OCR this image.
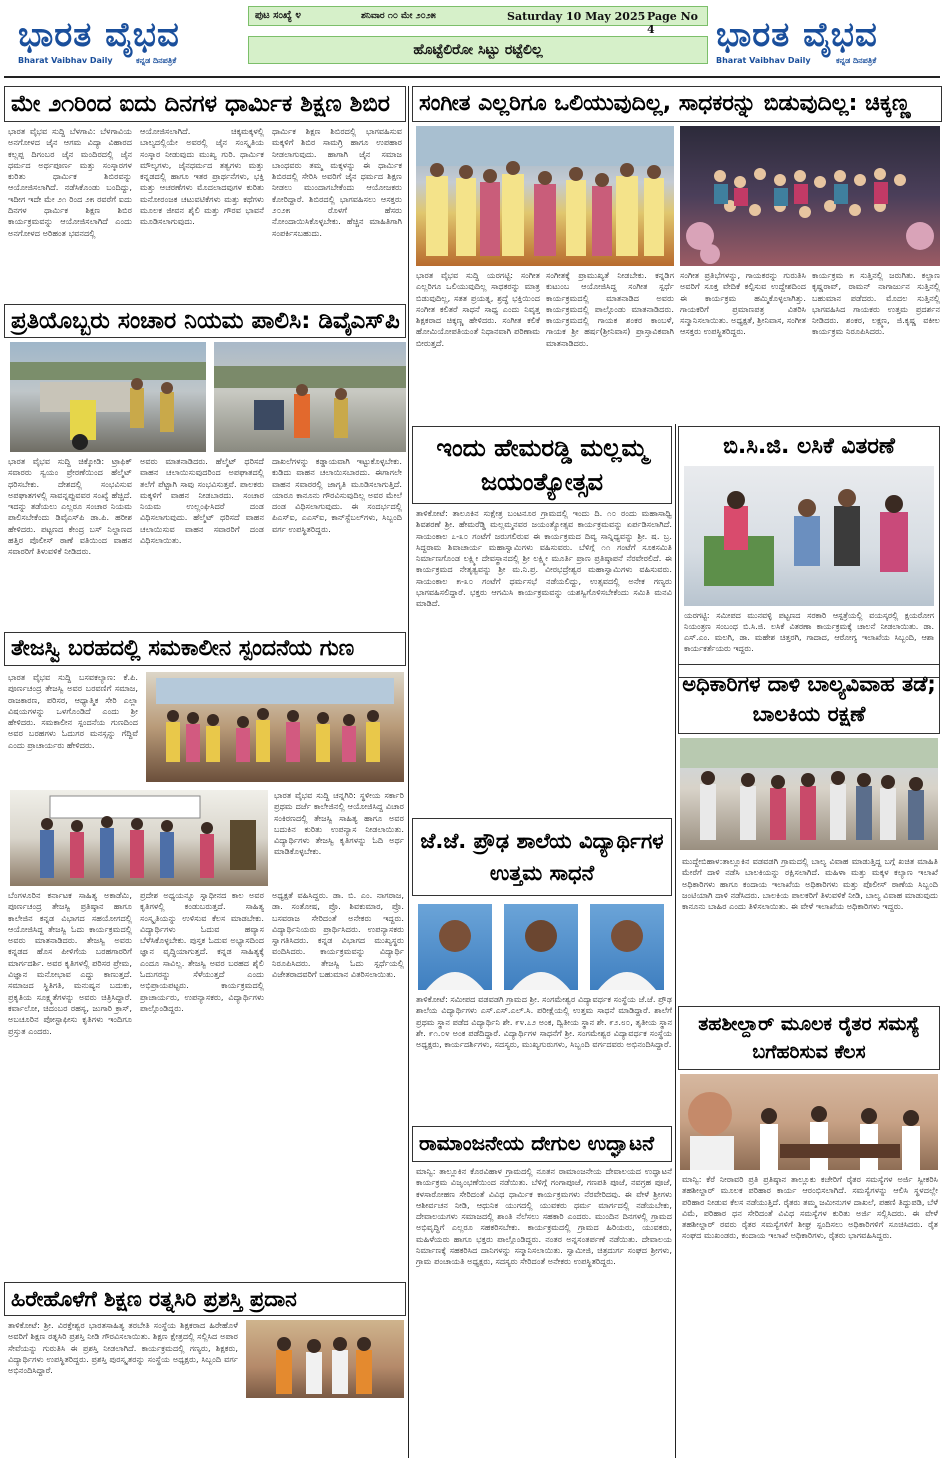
ಭಾರತ ವೈಭವ
Bharat Vaibhav Daily	ಕನ್ನಡ ದಿನಪತ್ರಿಕೆ
ಪುಟ ಸಂಖ್ಯೆ ೪	ಶನಿವಾರ ೧೦ ಮೇ ೨೦೨೫	Saturday 10 May 2025 Page No 4
ಹೊಟ್ಟೆಲಿರೋ ಸಿಟ್ಟು ರಟ್ಟೆಲಿಲ್ಲ	ಭಾರತ ವೈಭವ
Bharat Vaibhav Daily	ಕನ್ನಡ ದಿನಪತ್ರಿಕೆ
ಮೇ ೨೧ರಿಂದ ಐದು ದಿನಗಳ ಧಾರ್ಮಿಕ ಶಿಕ್ಷಣ ಶಿಬಿರ
ಭಾರತ ವೈಭವ ಸುದ್ದಿ ಬೆಳಗಾವಿ: ಬೆಳಗಾವಿಯ ಅನಗೋಳದ ಜೈನ ಆಗಮ ವಿದ್ಯಾ ವಿಹಾರದ ಕಲ್ಲಪ್ಪ ದಿಗಂಬರ ಜೈನ ಮಂದಿರದಲ್ಲಿ ಜೈನ ಧರ್ಮದ ಅರ್ಥಪೂರ್ಣ ಮತ್ತು ಸಂಸ್ಕಾರಗಳ ಕುರಿತು ಧಾರ್ಮಿಕ ಶಿಬಿರವನ್ನು ಆಯೋಜಿಸಲಾಗಿದೆ. ನಡೆಸಿಕೊಂಡು ಬಂದಿದ್ದು, ಇದೀಗ ಇದೇ ಮೇ ೨೧ ರಿಂದ ೨೫ ರವರೆಗೆ ಐದು ದಿನಗಳ ಧಾರ್ಮಿಕ ಶಿಕ್ಷಣ ಶಿಬಿರ ಕಾರ್ಯಕ್ರಮವನ್ನು ಆಯೋಜಿಸಲಾಗಿದೆ ಎಂದು ಅನಗೋಳದ ಅರಿಹಂತ ಭವನದಲ್ಲಿ
ಆಯೋಜಿಸಲಾಗಿದೆ. ಚಿಕ್ಕಮಕ್ಕಳಲ್ಲಿ ಬಾಲ್ಯದಲ್ಲಿಯೇ ಅವರಲ್ಲಿ ಜೈನ ಸಂಸ್ಕೃತಿಯ ಸಂಸ್ಕಾರ ನೀಡುವುದು ಮುಖ್ಯ ಗುರಿ. ಧಾರ್ಮಿಕ ಮೌಲ್ಯಗಳು, ಜೈನಧರ್ಮದ ತತ್ವಗಳು ಮತ್ತು ಕನ್ನಡದಲ್ಲಿ ಹಾಗೂ ಇತರ ಪ್ರಾರ್ಥನೆಗಳು, ಭಕ್ತಿ ಮತ್ತು ಆಚರಣೆಗಳು ಮೊದಲಾದವುಗಳ ಕುರಿತು ಮನೋರಂಜಕ ಚಟುವಟಿಕೆಗಳು ಮತ್ತು ಕಥೆಗಳು ಮೂಲಕ ಜೀವನ ಶೈಲಿ ಮತ್ತು ಗೌರವ ಭಾವನೆ ಮೂಡಿಸಲಾಗುವುದು.
ಧಾರ್ಮಿಕ ಶಿಕ್ಷಣ ಶಿಬಿರದಲ್ಲಿ ಭಾಗವಹಿಸುವ ಮಕ್ಕಳಿಗೆ ಶಿಬಿರ ಸಾಮಗ್ರಿ ಹಾಗೂ ಉಪಹಾರ ನೀಡಲಾಗುವುದು. ಹಾಗಾಗಿ ಜೈನ ಸಮಾಜ ಬಾಂಧವರು ತಮ್ಮ ಮಕ್ಕಳನ್ನು ಈ ಧಾರ್ಮಿಕ ಶಿಬಿರದಲ್ಲಿ ಸೇರಿಸಿ ಅವರಿಗೆ ಜೈನ ಧರ್ಮದ ಶಿಕ್ಷಣ ನೀಡಲು ಮುಂದಾಗಬೇಕೆಂದು ಆಯೋಜಕರು ಕೋರಿದ್ದಾರೆ. ಶಿಬಿರದಲ್ಲಿ ಭಾಗವಹಿಸಲು ಆಸಕ್ತರು ೨೦೨೫ ರೊಳಗೆ ಹೆಸರು ನೋಂದಾಯಿಸಿಕೊಳ್ಳಬೇಕು. ಹೆಚ್ಚಿನ ಮಾಹಿತಿಗಾಗಿ ಸಂಪರ್ಕಿಸಬಹುದು.
ಸಂಗೀತ ಎಲ್ಲರಿಗೂ ಒಲಿಯುವುದಿಲ್ಲ, ಸಾಧಕರನ್ನು ಬಿಡುವುದಿಲ್ಲ: ಚಿಕ್ಕಣ್ಣ
ಭಾರತ ವೈಭವ ಸುದ್ದಿ ಯರಗಟ್ಟಿ: ಸಂಗೀತ ಎಲ್ಲರಿಗೂ ಒಲಿಯುವುದಿಲ್ಲ ಸಾಧಕರನ್ನು ಮಾತ್ರ ಬಿಡುವುದಿಲ್ಲ, ಸತತ ಪ್ರಯತ್ನ, ಶ್ರದ್ಧೆ ಭಕ್ತಿಯಿಂದ ಸಂಗೀತ ಕಲಿತರೆ ಸಾಧನೆ ಸಾಧ್ಯ ಎಂದು ನಿವೃತ್ತ ಶಿಕ್ಷಕರಾದ ಚಿಕ್ಕಣ್ಣ ಹೇಳಿದರು. ಸಂಗೀತ ಕಲಿಕೆ ಹೋಮಿಯೋಪತಿಯಂತೆ ನಿಧಾನವಾಗಿ ಪರಿಣಾಮ ಬೀರುತ್ತದೆ.
ಸಂಗೀತಕ್ಕೆ ಪ್ರಾಮುಖ್ಯತೆ ನೀಡಬೇಕು. ಕನ್ನಡಿಗ ಕುಟುಂಬ ಆಯೋಜಿಸಿದ್ದ ಸಂಗೀತ ಸ್ಪರ್ಧೆ ಕಾರ್ಯಕ್ರಮದಲ್ಲಿ ಮಾತನಾಡಿದ ಅವರು ಕಾರ್ಯಕ್ರಮದಲ್ಲಿ ಪಾಲ್ಗೊಂಡು ಮಾತನಾಡಿದರು. ಕಾರ್ಯಕ್ರಮದಲ್ಲಿ ಗಾಯಕ ಶಂಕರ ಕಾಂಬಳೆ, ಗಾಯಕ ಶ್ರೀ ಹರ್ಷ(ಶ್ರೀನಿವಾಸ) ಪ್ರಾಸ್ತಾವಿಕವಾಗಿ ಮಾತನಾಡಿದರು.
ಸಂಗೀತ ಪ್ರತಿಭೆಗಳನ್ನು, ಗಾಯಕರನ್ನು ಗುರುತಿಸಿ ಅವರಿಗೆ ಸೂಕ್ತ ವೇದಿಕೆ ಕಲ್ಪಿಸುವ ಉದ್ದೇಶದಿಂದ ಈ ಕಾರ್ಯಕ್ರಮ ಹಮ್ಮಿಕೊಳ್ಳಲಾಗಿತ್ತು. ಗಾಯಕರಿಗೆ ಪ್ರಮಾಣಪತ್ರ ವಿತರಿಸಿ ಸನ್ಮಾನಿಸಲಾಯಿತು. ಅಧ್ಯಕ್ಷತೆ, ಶ್ರೀನಿವಾಸ, ಸಂಗೀತ ಆಸಕ್ತರು ಉಪಸ್ಥಿತರಿದ್ದರು.
ಕಾರ್ಯಕ್ರಮ ೫ ಸುತ್ತಿನಲ್ಲಿ ಜರುಗಿತು. ಕಲ್ಪಾಣ ಕೃಷ್ಣರಾವ್, ರಾಮನ್ ನಾಗಾರ್ಜುನ ಸುತ್ತಿನಲ್ಲಿ ಬಹುಮಾನ ಪಡೆದರು. ಮೊದಲ ಸುತ್ತಿನಲ್ಲಿ ಭಾಗವಹಿಸಿದ ಗಾಯಕರು ಉತ್ತಮ ಪ್ರದರ್ಶನ ನೀಡಿದರು. ಶಂಕರ, ಲಕ್ಷ್ಮಣ, ಜಿ.ಕೃಷ್ಣ ವಕೀಲ ಕಾರ್ಯಕ್ರಮ ನಿರೂಪಿಸಿದರು.
ಪ್ರತಿಯೊಬ್ಬರು ಸಂಚಾರ ನಿಯಮ ಪಾಲಿಸಿ: ಡಿವೈಎಸ್‌ಪಿ
ಭಾರತ ವೈಭವ ಸುದ್ದಿ ಚಿಕ್ಕೋಡಿ: ಟ್ರಾಫಿಕ್ ಸವಾರರು ಸ್ವಯಂ ಪ್ರೇರಣೆಯಿಂದ ಹೆಲ್ಮೆಟ್ ಧರಿಸಬೇಕು. ದೇಶದಲ್ಲಿ ಸಂಭವಿಸುವ ಅಪಘಾತಗಳಲ್ಲಿ ಸಾವನ್ನಪ್ಪುವವರ ಸಂಖ್ಯೆ ಹೆಚ್ಚಿದೆ. ಇದನ್ನು ತಡೆಯಲು ಎಲ್ಲರೂ ಸಂಚಾರ ನಿಯಮ ಪಾಲಿಸಬೇಕೆಂದು ಡಿವೈಎಸ್‌ಪಿ ಡಾ.ಪಿ. ಹರೀಶ ಹೇಳಿದರು. ಪಟ್ಟಣದ ಕೇಂದ್ರ ಬಸ್ ನಿಲ್ದಾಣದ ಹತ್ತಿರ ಪೊಲೀಸ್ ಠಾಣೆ ವತಿಯಿಂದ ವಾಹನ ಸವಾರರಿಗೆ ತಿಳುವಳಿಕೆ ನೀಡಿದರು.
ಅವರು ಮಾತನಾಡಿದರು. ಹೆಲ್ಮೆಟ್ ಧರಿಸದೆ ವಾಹನ ಚಲಾಯಿಸುವುದರಿಂದ ಅಪಘಾತದಲ್ಲಿ ತಲೆಗೆ ಪೆಟ್ಟಾಗಿ ಸಾವು ಸಂಭವಿಸುತ್ತವೆ. ಪಾಲಕರು ಮಕ್ಕಳಿಗೆ ವಾಹನ ನೀಡಬಾರದು. ಸಂಚಾರ ನಿಯಮ ಉಲ್ಲಂಘಿಸಿದರೆ ದಂಡ ವಿಧಿಸಲಾಗುವುದು. ಹೆಲ್ಮೆಟ್ ಧರಿಸದೆ ವಾಹನ ಚಲಾಯಿಸುವ ವಾಹನ ಸವಾರರಿಗೆ ದಂಡ ವಿಧಿಸಲಾಯಿತು.
ದಾಖಲೆಗಳನ್ನು ಕಡ್ಡಾಯವಾಗಿ ಇಟ್ಟುಕೊಳ್ಳಬೇಕು. ಕುಡಿದು ವಾಹನ ಚಲಾಯಿಸಬಾರದು. ಈಗಾಗಲೇ ವಾಹನ ಸವಾರರಲ್ಲಿ ಜಾಗೃತಿ ಮೂಡಿಸಲಾಗುತ್ತಿದೆ. ಯಾರೂ ಕಾನೂನು ಗೌರವಿಸುವುದಿಲ್ಲ ಅವರ ಮೇಲೆ ದಂಡ ವಿಧಿಸಲಾಗುವುದು. ಈ ಸಂದರ್ಭದಲ್ಲಿ ಪಿಎಸ್‌ಐ, ಎಎಸ್‌ಐ, ಕಾನ್‌ಸ್ಟೆಬಲ್‌ಗಳು, ಸಿಬ್ಬಂದಿ ವರ್ಗ ಉಪಸ್ಥಿತರಿದ್ದರು.
ಇಂದು ಹೇಮರಡ್ಡಿ ಮಲ್ಲಮ್ಮ ಜಯಂತ್ಯೋತ್ಸವ
ತಾಳಿಕೋಟೆ: ತಾಲೂಕಿನ ಸುಕ್ಷೇತ್ರ ಬಂಟನೂರ ಗ್ರಾಮದಲ್ಲಿ ಇಂದು ದಿ. ೧೦ ರಂದು ಮಹಾಸಾಧ್ವಿ ಶಿವಶರಣೆ ಶ್ರೀ. ಹೇಮರೆಡ್ಡಿ ಮಲ್ಲಮ್ಮನವರ ಜಯಂತ್ಯೋತ್ಸವ ಕಾರ್ಯಕ್ರಮವನ್ನು ಏರ್ಪಡಿಸಲಾಗಿದೆ. ಸಾಯಂಕಾಲ ೭-೩೦ ಗಂಟೆಗೆ ಜರುಗಲಿರುವ ಈ ಕಾರ್ಯಕ್ರಮದ ದಿವ್ಯ ಸಾನ್ನಿಧ್ಯವನ್ನು ಶ್ರೀ. ಷ. ಬ್ರ. ಸಿದ್ದರಾಮ ಶಿವಾಚಾರ್ಯ ಮಹಾಸ್ವಾಮಿಗಳು ವಹಿಸುವರು. ಬೆಳಿಗ್ಗೆ ೧೧ ಗಂಟೆಗೆ ಸೂಕಸಮಿತಿ ನಿರ್ಮಾಣಗೊಂಡ ಲಕ್ಷ್ಮೀ ದೇವಸ್ಥಾನದಲ್ಲಿ ಶ್ರೀ ಲಕ್ಷ್ಮೀ ಮೂರ್ತಿ ಪ್ರಾಣ ಪ್ರತಿಷ್ಠಾಪನೆ ನೆರವೇರಲಿದೆ. ಈ ಕಾರ್ಯಕ್ರಮದ ನೇತೃತ್ವವನ್ನು ಶ್ರೀ ಮ.ನಿ.ಪ್ರ. ವೀರಭದ್ರೇಶ್ವರ ಮಹಾಸ್ವಾಮಿಗಳು ವಹಿಸುವರು. ಸಾಯಂಕಾಲ ೫-೩೦ ಗಂಟೆಗೆ ಧರ್ಮಸಭೆ ನಡೆಯಲಿದ್ದು, ಉತ್ಸವದಲ್ಲಿ ಅನೇಕ ಗಣ್ಯರು ಭಾಗವಹಿಸಲಿದ್ದಾರೆ. ಭಕ್ತರು ಆಗಮಿಸಿ ಕಾರ್ಯಕ್ರಮವನ್ನು ಯಶಸ್ವಿಗೊಳಿಸಬೇಕೆಂದು ಸಮಿತಿ ಮನವಿ ಮಾಡಿದೆ.
ಬಿ.ಸಿ.ಜಿ. ಲಸಿಕೆ ವಿತರಣೆ
ಯರಗಟ್ಟಿ: ಸಮೀಪದ ಮುನವಳ್ಳಿ ಪಟ್ಟಣದ ಸರಕಾರಿ ಆಸ್ಪತ್ರೆಯಲ್ಲಿ ವಯಸ್ಕರಲ್ಲಿ ಕ್ಷಯರೋಗ ನಿಯಂತ್ರಣ ಸಂಬಂಧ ಬಿ.ಸಿ.ಜಿ. ಲಸಿಕೆ ವಿತರಣಾ ಕಾರ್ಯಕ್ರಮಕ್ಕೆ ಚಾಲನೆ ನೀಡಲಾಯಿತು. ಡಾ. ಎಸ್.ಎಂ. ಮಲಗಿ, ಡಾ. ಮಹೇಶ ಚಿತ್ತರಗಿ, ಗಾದಾದ, ಆರೋಗ್ಯ ಇಲಾಖೆಯ ಸಿಬ್ಬಂದಿ, ಆಶಾ ಕಾರ್ಯಕರ್ತೆಯರು ಇದ್ದರು.
ತೇಜಸ್ವಿ ಬರಹದಲ್ಲಿ ಸಮಕಾಲೀನ ಸ್ಪಂದನೆಯ ಗುಣ
ಭಾರತ ವೈಭವ ಸುದ್ದಿ ಬಸವಕಲ್ಯಾಣ: ಕೆ.ಪಿ. ಪೂರ್ಣಚಂದ್ರ ತೇಜಸ್ವಿ ಅವರ ಬರವಣಿಗೆ ಸಮಾಜ, ರಾಜಕಾರಣ, ಪರಿಸರ, ಆಧ್ಯಾತ್ಮಿಕ ಸೇರಿ ಎಲ್ಲಾ ವಿಷಯಗಳನ್ನು ಒಳಗೊಂಡಿದೆ ಎಂದು ಶ್ರೀ ಹೇಳಿದರು. ಸಮಕಾಲೀನ ಸ್ಪಂದನೆಯ ಗುಣದಿಂದ ಅವರ ಬರಹಗಳು ಓದುಗರ ಮನಸ್ಸನ್ನು ಗೆದ್ದಿವೆ ಎಂದು ಪ್ರಾಚಾರ್ಯರು ಹೇಳಿದರು.
ಭಾರತ ವೈಭವ ಸುದ್ದಿ ಚನ್ನಗಿರಿ: ಸ್ಥಳೀಯ ಸರ್ಕಾರಿ ಪ್ರಥಮ ದರ್ಜೆ ಕಾಲೇಜಿನಲ್ಲಿ ಆಯೋಜಿಸಿದ್ದ ವಿಚಾರ ಸಂಕಿರಣದಲ್ಲಿ ತೇಜಸ್ವಿ ಸಾಹಿತ್ಯ ಹಾಗೂ ಅವರ ಬದುಕಿನ ಕುರಿತು ಉಪನ್ಯಾಸ ನೀಡಲಾಯಿತು. ವಿದ್ಯಾರ್ಥಿಗಳು ತೇಜಸ್ವಿ ಕೃತಿಗಳನ್ನು ಓದಿ ಅರ್ಥ ಮಾಡಿಕೊಳ್ಳಬೇಕು.
ಬೆಂಗಳೂರಿನ ಕರ್ನಾಟಕ ಸಾಹಿತ್ಯ ಅಕಾಡೆಮಿ, ಪೂರ್ಣಚಂದ್ರ ತೇಜಸ್ವಿ ಪ್ರತಿಷ್ಠಾನ ಹಾಗೂ ಕಾಲೇಜಿನ ಕನ್ನಡ ವಿಭಾಗದ ಸಹಯೋಗದಲ್ಲಿ ಆಯೋಜಿಸಿದ್ದ ತೇಜಸ್ವಿ ಓದು ಕಾರ್ಯಕ್ರಮದಲ್ಲಿ ಅವರು ಮಾತನಾಡಿದರು. ತೇಜಸ್ವಿ ಅವರು ಕನ್ನಡದ ಹೊಸ ಪೀಳಿಗೆಯ ಬರಹಗಾರರಿಗೆ ಮಾರ್ಗದರ್ಶಿ. ಅವರ ಕೃತಿಗಳಲ್ಲಿ ಪರಿಸರ ಪ್ರೇಮ, ವಿಜ್ಞಾನ ಮನೋಭಾವ ಎದ್ದು ಕಾಣುತ್ತದೆ. ಸಮಾಜದ ಸ್ಥಿತಿಗತಿ, ಮನುಷ್ಯನ ಬದುಕು, ಪ್ರಕೃತಿಯ ಸೂಕ್ಷ್ಮತೆಗಳನ್ನು ಅವರು ಚಿತ್ರಿಸಿದ್ದಾರೆ. ಕರ್ವಾಲೋ, ಚಿದಂಬರ ರಹಸ್ಯ, ಜುಗಾರಿ ಕ್ರಾಸ್, ಅಬಚೂರಿನ ಪೋಸ್ಟಾಫೀಸು ಕೃತಿಗಳು ಇಂದಿಗೂ ಪ್ರಸ್ತುತ ಎಂದರು.
ಪ್ರದೇಶ ಅಧ್ಯಯನ್ನೂ ಸ್ವಾಧೀನದ ಕಾಲ ಅವರ ಕೃತಿಗಳಲ್ಲಿ ಕಂಡುಬರುತ್ತದೆ. ಸಾಹಿತ್ಯ ಸಂಸ್ಕೃತಿಯನ್ನು ಉಳಿಸುವ ಕೆಲಸ ಮಾಡಬೇಕು. ವಿದ್ಯಾರ್ಥಿಗಳು ಓದುವ ಹವ್ಯಾಸ ಬೆಳೆಸಿಕೊಳ್ಳಬೇಕು. ಪುಸ್ತಕ ಓದುವ ಅಭ್ಯಾಸದಿಂದ ಜ್ಞಾನ ವೃದ್ಧಿಯಾಗುತ್ತದೆ. ಕನ್ನಡ ಸಾಹಿತ್ಯಕ್ಕೆ ಎಂದೂ ಸಾವಿಲ್ಲ. ತೇಜಸ್ವಿ ಅವರ ಬರಹದ ಶೈಲಿ ಓದುಗರನ್ನು ಸೆಳೆಯುತ್ತದೆ ಎಂದು ಅಭಿಪ್ರಾಯಪಟ್ಟರು. ಕಾರ್ಯಕ್ರಮದಲ್ಲಿ ಪ್ರಾಚಾರ್ಯರು, ಉಪನ್ಯಾಸಕರು, ವಿದ್ಯಾರ್ಥಿಗಳು ಪಾಲ್ಗೊಂಡಿದ್ದರು.
ಅಧ್ಯಕ್ಷತೆ ವಹಿಸಿದ್ದರು. ಡಾ. ಬಿ. ಎಂ. ನಾಗರಾಜ, ಡಾ. ಸಂತೋಷ, ಪ್ರೊ. ಶಿವಕುಮಾರ, ಪ್ರೊ. ಬಸವರಾಜ ಸೇರಿದಂತೆ ಅನೇಕರು ಇದ್ದರು. ವಿದ್ಯಾರ್ಥಿನಿಯರು ಪ್ರಾರ್ಥಿಸಿದರು. ಉಪನ್ಯಾಸಕರು ಸ್ವಾಗತಿಸಿದರು. ಕನ್ನಡ ವಿಭಾಗದ ಮುಖ್ಯಸ್ಥರು ವಂದಿಸಿದರು. ಕಾರ್ಯಕ್ರಮವನ್ನು ವಿದ್ಯಾರ್ಥಿ ನಿರೂಪಿಸಿದರು. ತೇಜಸ್ವಿ ಓದು ಸ್ಪರ್ಧೆಯಲ್ಲಿ ವಿಜೇತರಾದವರಿಗೆ ಬಹುಮಾನ ವಿತರಿಸಲಾಯಿತು.
ಜೆ.ಜೆ. ಪ್ರೌಢ ಶಾಲೆಯ ವಿದ್ಯಾರ್ಥಿಗಳ ಉತ್ತಮ ಸಾಧನೆ
ತಾಳಿಕೋಟೆ: ಸಮೀಪದ ವಡವಡಗಿ ಗ್ರಾಮದ ಶ್ರೀ. ಸಂಗಮೇಶ್ವರ ವಿದ್ಯಾವರ್ಧಕ ಸಂಸ್ಥೆಯ ಜೆ.ಜೆ. ಪ್ರೌಢ ಶಾಲೆಯ ವಿದ್ಯಾರ್ಥಿಗಳು ಎಸ್.ಎಸ್.ಎಲ್.ಸಿ. ಪರೀಕ್ಷೆಯಲ್ಲಿ ಉತ್ತಮ ಸಾಧನೆ ಮಾಡಿದ್ದಾರೆ. ಶಾಲೆಗೆ ಪ್ರಥಮ ಸ್ಥಾನ ಪಡೆದ ವಿದ್ಯಾರ್ಥಿನಿ ಶೇ. ೯೪.೭೨ ಅಂಕ, ದ್ವಿತೀಯ ಸ್ಥಾನ ಶೇ. ೯೨.೮೦, ತೃತೀಯ ಸ್ಥಾನ ಶೇ. ೯೧.೦೪ ಅಂಕ ಪಡೆದಿದ್ದಾರೆ. ವಿದ್ಯಾರ್ಥಿಗಳ ಸಾಧನೆಗೆ ಶ್ರೀ. ಸಂಗಮೇಶ್ವರ ವಿದ್ಯಾವರ್ಧಕ ಸಂಸ್ಥೆಯ ಅಧ್ಯಕ್ಷರು, ಕಾರ್ಯದರ್ಶಿಗಳು, ಸದಸ್ಯರು, ಮುಖ್ಯಗುರುಗಳು, ಸಿಬ್ಬಂದಿ ವರ್ಗದವರು ಅಭಿನಂದಿಸಿದ್ದಾರೆ.
ರಾಮಾಂಜನೇಯ ದೇಗುಲ ಉದ್ಘಾಟನೆ
ಮಾನ್ವಿ: ತಾಲ್ಲೂಕಿನ ಕೊರವಿಹಾಳ ಗ್ರಾಮದಲ್ಲಿ ನೂತನ ರಾಮಾಂಜನೇಯ ದೇವಾಲಯದ ಉದ್ಘಾಟನೆ ಕಾರ್ಯಕ್ರಮ ವಿಜೃಂಭಣೆಯಿಂದ ನಡೆಯಿತು. ಬೆಳಿಗ್ಗೆ ಗಂಗಾಪೂಜೆ, ಗಣಪತಿ ಪೂಜೆ, ನವಗ್ರಹ ಪೂಜೆ, ಕಳಸಾರೋಹಣ ಸೇರಿದಂತೆ ವಿವಿಧ ಧಾರ್ಮಿಕ ಕಾರ್ಯಕ್ರಮಗಳು ನೆರವೇರಿದವು. ಈ ವೇಳೆ ಶ್ರೀಗಳು ಆಶೀರ್ವಚನ ನೀಡಿ, ಆಧುನಿಕ ಯುಗದಲ್ಲಿ ಯುವಕರು ಧರ್ಮ ಮಾರ್ಗದಲ್ಲಿ ನಡೆಯಬೇಕು, ದೇವಾಲಯಗಳು ಸಮಾಜದಲ್ಲಿ ಶಾಂತಿ ನೆಲೆಸಲು ಸಹಕಾರಿ ಎಂದರು. ಮುಂದಿನ ದಿನಗಳಲ್ಲಿ ಗ್ರಾಮದ ಅಭಿವೃದ್ಧಿಗೆ ಎಲ್ಲರೂ ಸಹಕರಿಸಬೇಕು. ಕಾರ್ಯಕ್ರಮದಲ್ಲಿ ಗ್ರಾಮದ ಹಿರಿಯರು, ಯುವಕರು, ಮಹಿಳೆಯರು ಹಾಗೂ ಭಕ್ತರು ಪಾಲ್ಗೊಂಡಿದ್ದರು. ನಂತರ ಅನ್ನಸಂತರ್ಪಣೆ ನಡೆಯಿತು. ದೇವಾಲಯ ನಿರ್ಮಾಣಕ್ಕೆ ಸಹಕರಿಸಿದ ದಾನಿಗಳನ್ನು ಸನ್ಮಾನಿಸಲಾಯಿತು. ಸ್ವಾಮೀಜಿ, ಚಿತ್ರದುರ್ಗ ಸಂಘದ ಶ್ರೀಗಳು, ಗ್ರಾಮ ಪಂಚಾಯತಿ ಅಧ್ಯಕ್ಷರು, ಸದಸ್ಯರು ಸೇರಿದಂತೆ ಅನೇಕರು ಉಪಸ್ಥಿತರಿದ್ದರು.
ಅಧಿಕಾರಿಗಳ ದಾಳಿ ಬಾಲ್ಯವಿವಾಹ ತಡೆ; ಬಾಲಕಿಯ ರಕ್ಷಣೆ
ಮುದ್ದೇಬಿಹಾಳ:ತಾಲ್ಲೂಕಿನ ವಡವಡಗಿ ಗ್ರಾಮದಲ್ಲಿ ಬಾಲ್ಯ ವಿವಾಹ ಮಾಡುತ್ತಿದ್ದ ಬಗ್ಗೆ ಖಚಿತ ಮಾಹಿತಿ ಮೇರೆಗೆ ದಾಳಿ ನಡೆಸಿ ಬಾಲಕಿಯನ್ನು ರಕ್ಷಿಸಲಾಗಿದೆ. ಮಹಿಳಾ ಮತ್ತು ಮಕ್ಕಳ ಕಲ್ಯಾಣ ಇಲಾಖೆ ಅಧಿಕಾರಿಗಳು ಹಾಗೂ ಕಂದಾಯ ಇಲಾಖೆಯ ಅಧಿಕಾರಿಗಳು ಮತ್ತು ಪೊಲೀಸ್ ಠಾಣೆಯ ಸಿಬ್ಬಂದಿ ಜಂಟಿಯಾಗಿ ದಾಳಿ ನಡೆಸಿದರು. ಬಾಲಕಿಯ ಪಾಲಕರಿಗೆ ತಿಳುವಳಿಕೆ ನೀಡಿ, ಬಾಲ್ಯ ವಿವಾಹ ಮಾಡುವುದು ಕಾನೂನು ಬಾಹಿರ ಎಂದು ತಿಳಿಸಲಾಯಿತು. ಈ ವೇಳೆ ಇಲಾಖೆಯ ಅಧಿಕಾರಿಗಳು ಇದ್ದರು.
ತಹಶೀಲ್ದಾರ್ ಮೂಲಕ ರೈತರ ಸಮಸ್ಯೆ ಬಗೆಹರಿಸುವ ಕೆಲಸ
ಮಾನ್ವಿ: ಕೆರೆ ನೀರಾವರಿ ಪ್ರತಿ ಪ್ರತಿಷ್ಠಾನ ತಾಲ್ಲೂಕು ಕಚೇರಿಗೆ ರೈತರ ಸಮಸ್ಯೆಗಳ ಅರ್ಜಿ ಸ್ವೀಕರಿಸಿ ತಹಶೀಲ್ದಾರ್ ಮೂಲಕ ಪರಿಹಾರ ಕಾರ್ಯ ಆರಂಭಿಸಲಾಗಿದೆ. ಸಮಸ್ಯೆಗಳನ್ನು ಆಲಿಸಿ ಸ್ಥಳದಲ್ಲೇ ಪರಿಹಾರ ನೀಡುವ ಕೆಲಸ ನಡೆಯುತ್ತಿದೆ. ರೈತರು ತಮ್ಮ ಜಮೀನುಗಳ ದಾಖಲೆ, ಪಹಣಿ ತಿದ್ದುಪಡಿ, ಬೆಳೆ ವಿಮೆ, ಪರಿಹಾರ ಧನ ಸೇರಿದಂತೆ ವಿವಿಧ ಸಮಸ್ಯೆಗಳ ಕುರಿತು ಅರ್ಜಿ ಸಲ್ಲಿಸಿದರು. ಈ ವೇಳೆ ತಹಶೀಲ್ದಾರ್ ರವರು ರೈತರ ಸಮಸ್ಯೆಗಳಿಗೆ ಶೀಘ್ರ ಸ್ಪಂದಿಸಲು ಅಧಿಕಾರಿಗಳಿಗೆ ಸೂಚಿಸಿದರು. ರೈತ ಸಂಘದ ಮುಖಂಡರು, ಕಂದಾಯ ಇಲಾಖೆ ಅಧಿಕಾರಿಗಳು, ರೈತರು ಭಾಗವಹಿಸಿದ್ದರು.
ಹಿರೇಹೊಳೆಗೆ ಶಿಕ್ಷಣ ರತ್ನಸಿರಿ ಪ್ರಶಸ್ತಿ ಪ್ರದಾನ
ತಾಳಿಕೋಟೆ: ಶ್ರೀ. ವಿರಕ್ತೇಶ್ವರ ಭಾರತಸಾಹಿತ್ಯ ತರಬೇತಿ ಸಂಸ್ಥೆಯ ಶಿಕ್ಷಕರಾದ ಹಿರೇಹೊಳೆ ಅವರಿಗೆ ಶಿಕ್ಷಣ ರತ್ನಸಿರಿ ಪ್ರಶಸ್ತಿ ನೀಡಿ ಗೌರವಿಸಲಾಯಿತು. ಶಿಕ್ಷಣ ಕ್ಷೇತ್ರದಲ್ಲಿ ಸಲ್ಲಿಸಿದ ಅಪಾರ ಸೇವೆಯನ್ನು ಗುರುತಿಸಿ ಈ ಪ್ರಶಸ್ತಿ ನೀಡಲಾಗಿದೆ. ಕಾರ್ಯಕ್ರಮದಲ್ಲಿ ಗಣ್ಯರು, ಶಿಕ್ಷಕರು, ವಿದ್ಯಾರ್ಥಿಗಳು ಉಪಸ್ಥಿತರಿದ್ದರು. ಪ್ರಶಸ್ತಿ ಪುರಸ್ಕೃತರನ್ನು ಸಂಸ್ಥೆಯ ಅಧ್ಯಕ್ಷರು, ಸಿಬ್ಬಂದಿ ವರ್ಗ ಅಭಿನಂದಿಸಿದ್ದಾರೆ.
